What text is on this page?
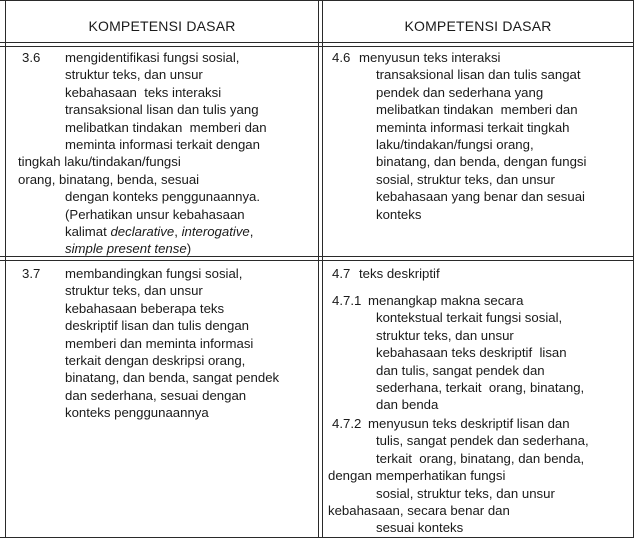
KOMPETENSI DASAR	KOMPETENSI DASAR
3.6 mengidentifikasi fungsi sosial,
struktur teks, dan unsur
kebahasaan  teks interaksi
transaksional lisan dan tulis yang
melibatkan tindakan  memberi dan
meminta informasi terkait dengan
tingkah laku/tindakan/fungsi
orang, binatang, benda, sesuai
dengan konteks penggunaannya.
(Perhatikan unsur kebahasaan
kalimat declarative, interogative,
simple present tense)
4.6 menyusun teks interaksi
transaksional lisan dan tulis sangat
pendek dan sederhana yang
melibatkan tindakan  memberi dan
meminta informasi terkait tingkah
laku/tindakan/fungsi orang,
binatang, dan benda, dengan fungsi
sosial, struktur teks, dan unsur
kebahasaan yang benar dan sesuai
konteks
3.7 membandingkan fungsi sosial,
struktur teks, dan unsur
kebahasaan beberapa teks
deskriptif lisan dan tulis dengan
memberi dan meminta informasi
terkait dengan deskripsi orang,
binatang, dan benda, sangat pendek
dan sederhana, sesuai dengan
konteks penggunaannya
4.7 teks deskriptif
4.7.1 menangkap makna secara
kontekstual terkait fungsi sosial,
struktur teks, dan unsur
kebahasaan teks deskriptif  lisan
dan tulis, sangat pendek dan
sederhana, terkait  orang, binatang,
dan benda
4.7.2 menyusun teks deskriptif lisan dan
tulis, sangat pendek dan sederhana,
terkait  orang, binatang, dan benda,
dengan memperhatikan fungsi
sosial, struktur teks, dan unsur
kebahasaan, secara benar dan
sesuai konteks
